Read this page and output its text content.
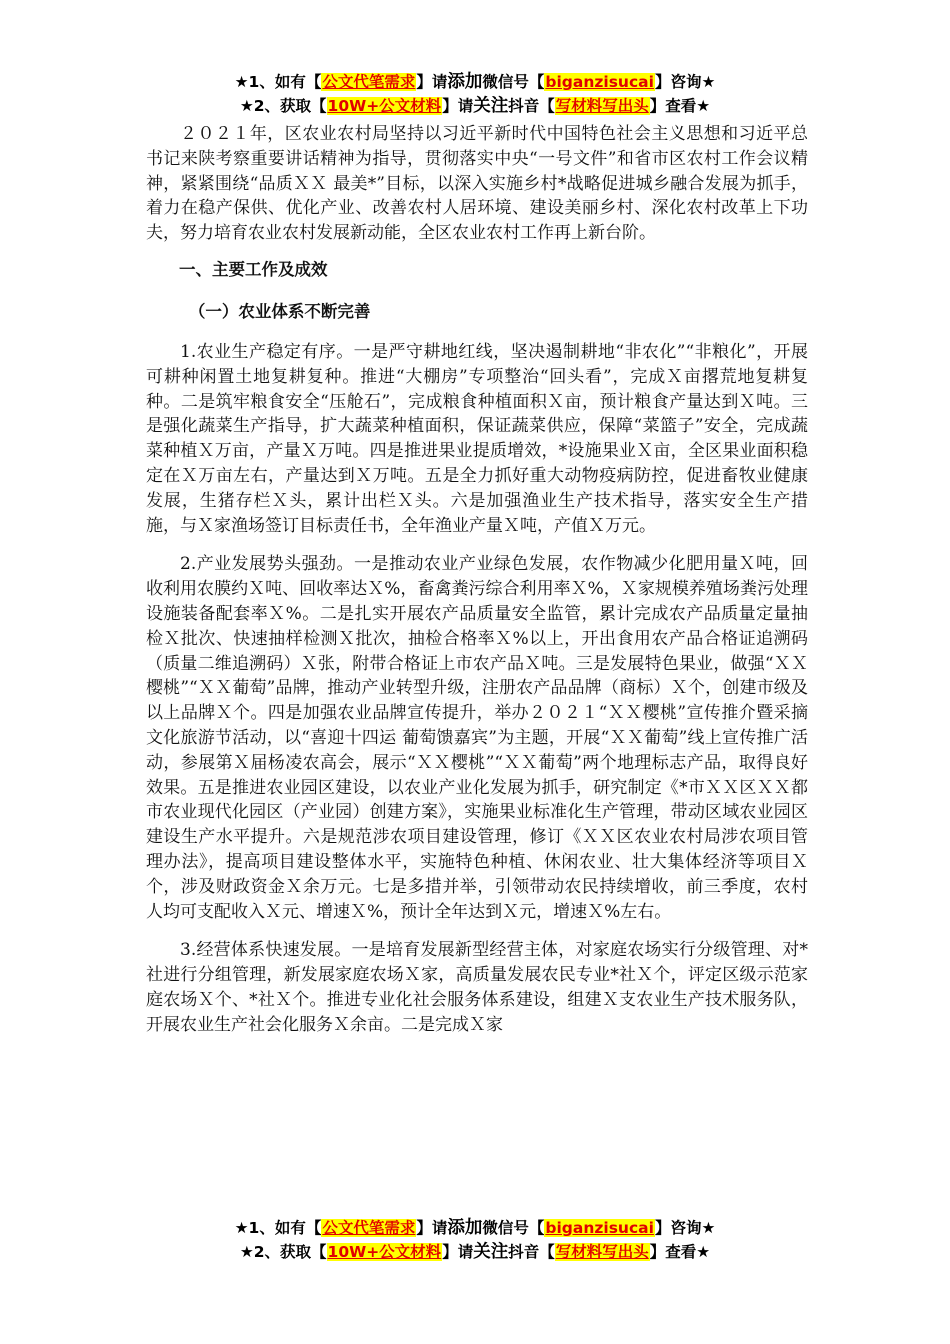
★1、如有【公文代笔需求】请添加微信号【biganzisucai】咨询★
★2、获取【10W+公文材料】请关注抖音【写材料写出头】查看★

２０２１年，区农业农村局坚持以习近平新时代中国特色社会主义思想和习近平总书记来陕考察重要讲话精神为指导，贯彻落实中央“一号文件”和省市区农村工作会议精神，紧紧围绕“品质ＸＸ 最美*”目标，以深入实施乡村*战略促进城乡融合发展为抓手，着力在稳产保供、优化产业、改善农村人居环境、建设美丽乡村、深化农村改革上下功夫，努力培育农业农村发展新动能，全区农业农村工作再上新台阶。

一、主要工作及成效
（一）农业体系不断完善

1.农业生产稳定有序。一是严守耕地红线，坚决遏制耕地“非农化”“非粮化”，开展可耕种闲置土地复耕复种。推进“大棚房”专项整治“回头看”，完成Ｘ亩撂荒地复耕复种。二是筑牢粮食安全“压舱石”，完成粮食种植面积Ｘ亩，预计粮食产量达到Ｘ吨。三是强化蔬菜生产指导，扩大蔬菜种植面积，保证蔬菜供应，保障“菜篮子”安全，完成蔬菜种植Ｘ万亩，产量Ｘ万吨。四是推进果业提质增效，*设施果业Ｘ亩，全区果业面积稳定在Ｘ万亩左右，产量达到Ｘ万吨。五是全力抓好重大动物疫病防控，促进畜牧业健康发展，生猪存栏Ｘ头，累计出栏Ｘ头。六是加强渔业生产技术指导，落实安全生产措施，与Ｘ家渔场签订目标责任书，全年渔业产量Ｘ吨，产值Ｘ万元。

2.产业发展势头强劲。一是推动农业产业绿色发展，农作物减少化肥用量Ｘ吨，回收利用农膜约Ｘ吨、回收率达Ｘ%，畜禽粪污综合利用率Ｘ%，Ｘ家规模养殖场粪污处理设施装备配套率Ｘ%。二是扎实开展农产品质量安全监管，累计完成农产品质量定量抽检Ｘ批次、快速抽样检测Ｘ批次，抽检合格率Ｘ%以上，开出食用农产品合格证追溯码（质量二维追溯码）Ｘ张，附带合格证上市农产品Ｘ吨。三是发展特色果业，做强“ＸＸ樱桃”“ＸＸ葡萄”品牌，推动产业转型升级，注册农产品品牌（商标）Ｘ个，创建市级及以上品牌Ｘ个。四是加强农业品牌宣传提升，举办２０２１“ＸＸ樱桃”宣传推介暨采摘文化旅游节活动，以“喜迎十四运 葡萄馈嘉宾”为主题，开展“ＸＸ葡萄”线上宣传推广活动，参展第Ｘ届杨凌农高会，展示“ＸＸ樱桃”“ＸＸ葡萄”两个地理标志产品，取得良好效果。五是推进农业园区建设，以农业产业化发展为抓手，研究制定《*市ＸＸ区ＸＸ都市农业现代化园区（产业园）创建方案》，实施果业标准化生产管理，带动区域农业园区建设生产水平提升。六是规范涉农项目建设管理，修订《ＸＸ区农业农村局涉农项目管理办法》，提高项目建设整体水平，实施特色种植、休闲农业、壮大集体经济等项目Ｘ个，涉及财政资金Ｘ余万元。七是多措并举，引领带动农民持续增收，前三季度，农村人均可支配收入Ｘ元、增速Ｘ%，预计全年达到Ｘ元，增速Ｘ%左右。

3.经营体系快速发展。一是培育发展新型经营主体，对家庭农场实行分级管理、对*社进行分组管理，新发展家庭农场Ｘ家，高质量发展农民专业*社Ｘ个，评定区级示范家庭农场Ｘ个、*社Ｘ个。推进专业化社会服务体系建设，组建Ｘ支农业生产技术服务队，开展农业生产社会化服务Ｘ余亩。二是完成Ｘ家

★1、如有【公文代笔需求】请添加微信号【biganzisucai】咨询★
★2、获取【10W+公文材料】请关注抖音【写材料写出头】查看★
